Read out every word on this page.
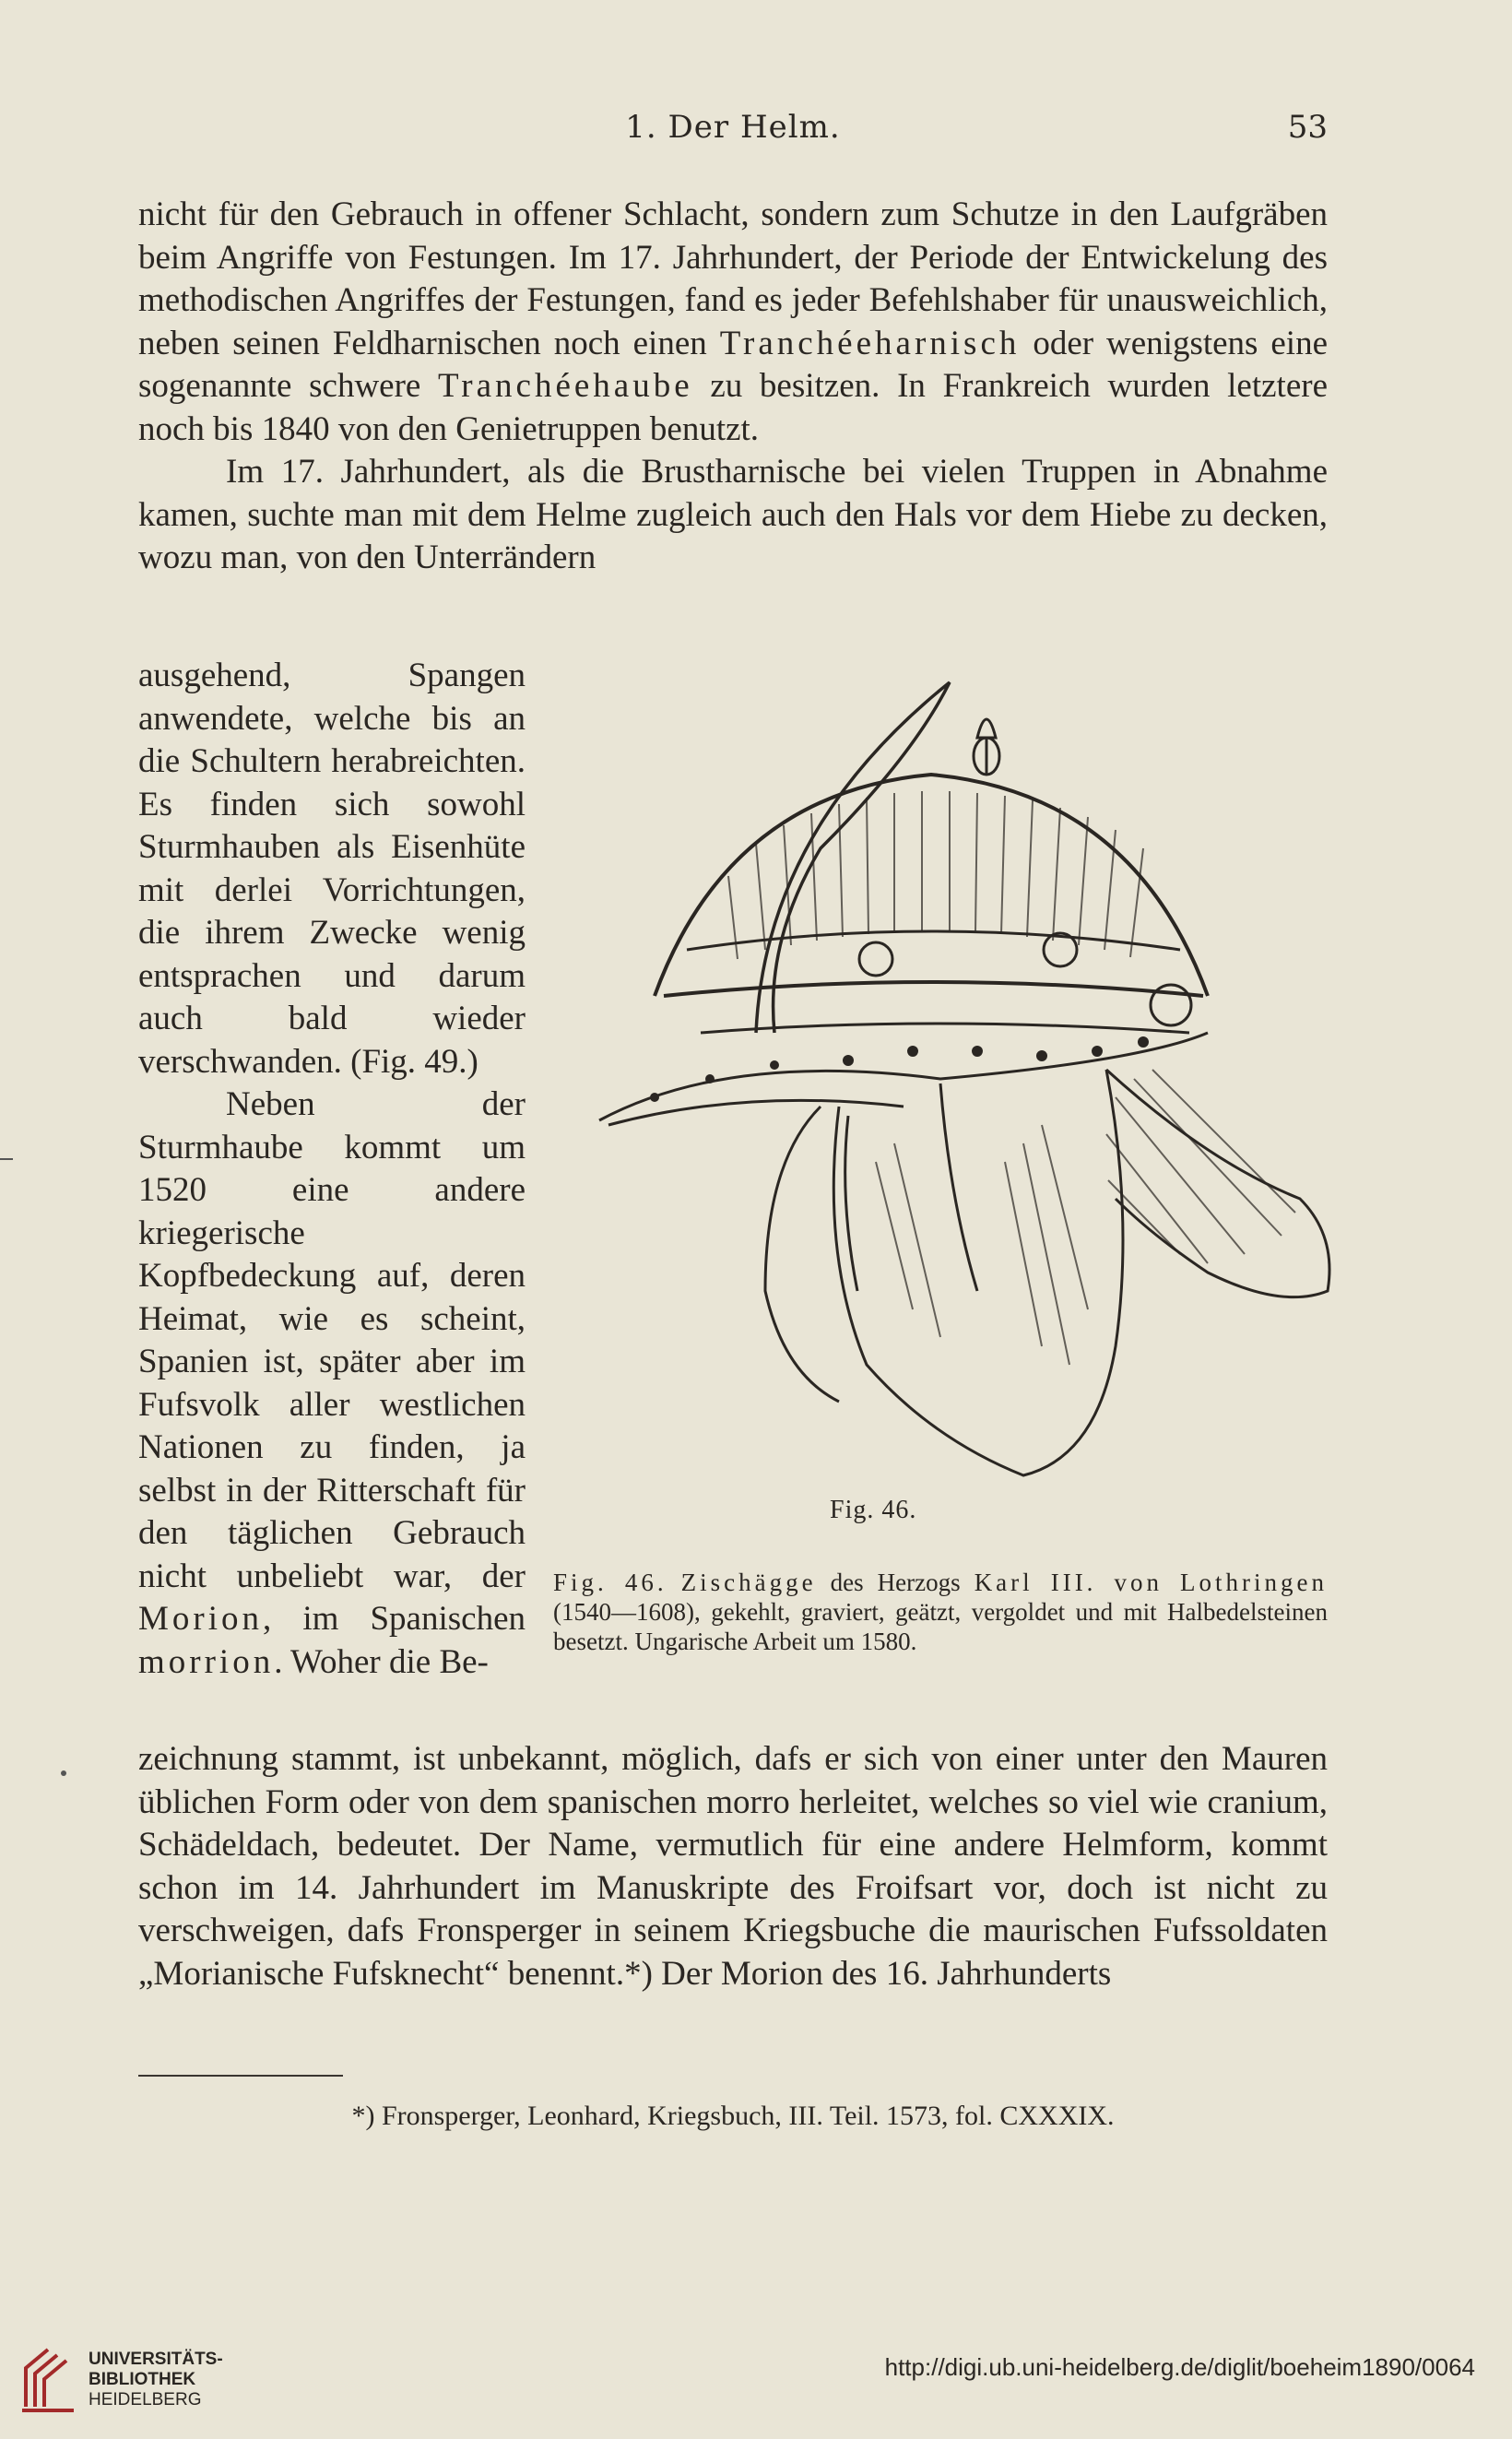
1. Der Helm.	53

nicht für den Gebrauch in offener Schlacht, sondern zum Schutze in den Laufgräben beim Angriffe von Festungen. Im 17. Jahrhundert, der Periode der Entwickelung des methodischen Angriffes der Festungen, fand es jeder Befehlshaber für unausweichlich, neben seinen Feldharnischen noch einen Tranchéeharnisch oder wenigstens eine sogenannte schwere Tranchéehaube zu besitzen. In Frankreich wurden letztere noch bis 1840 von den Genietruppen benutzt.

Im 17. Jahrhundert, als die Brustharnische bei vielen Truppen in Abnahme kamen, suchte man mit dem Helme zugleich auch den Hals vor dem Hiebe zu decken, wozu man, von den Unterrändern

ausgehend, Spangen anwendete, welche bis an die Schultern herabreichten. Es finden sich sowohl Sturmhauben als Eisenhüte mit derlei Vorrichtungen, die ihrem Zwecke wenig entsprachen und darum auch bald wieder verschwanden. (Fig. 49.)

Neben der Sturmhaube kommt um 1520 eine andere kriegerische Kopfbedeckung auf, deren Heimat, wie es scheint, Spanien ist, später aber im Fufsvolk aller westlichen Nationen zu finden, ja selbst in der Ritterschaft für den täglichen Gebrauch nicht unbeliebt war, der Morion, im Spanischen morrion. Woher die Be-

Fig. 46.
Fig. 46. Zischägge des Herzogs Karl III. von Lothringen (1540—1608), gekehlt, graviert, geätzt, vergoldet und mit Halbedelsteinen besetzt. Ungarische Arbeit um 1580.
zeichnung stammt, ist unbekannt, möglich, dafs er sich von einer unter den Mauren üblichen Form oder von dem spanischen morro herleitet, welches so viel wie cranium, Schädeldach, bedeutet. Der Name, vermutlich für eine andere Helmform, kommt schon im 14. Jahrhundert im Manuskripte des Froifsart vor, doch ist nicht zu verschweigen, dafs Fronsperger in seinem Kriegsbuche die maurischen Fufssoldaten „Morianische Fufsknecht“ benennt.*) Der Morion des 16. Jahrhunderts
*) Fronsperger, Leonhard, Kriegsbuch, III. Teil. 1573, fol. CXXXIX.
UNIVERSITÄTS-
BIBLIOTHEK
HEIDELBERG
http://digi.ub.uni-heidelberg.de/diglit/boeheim1890/0064
